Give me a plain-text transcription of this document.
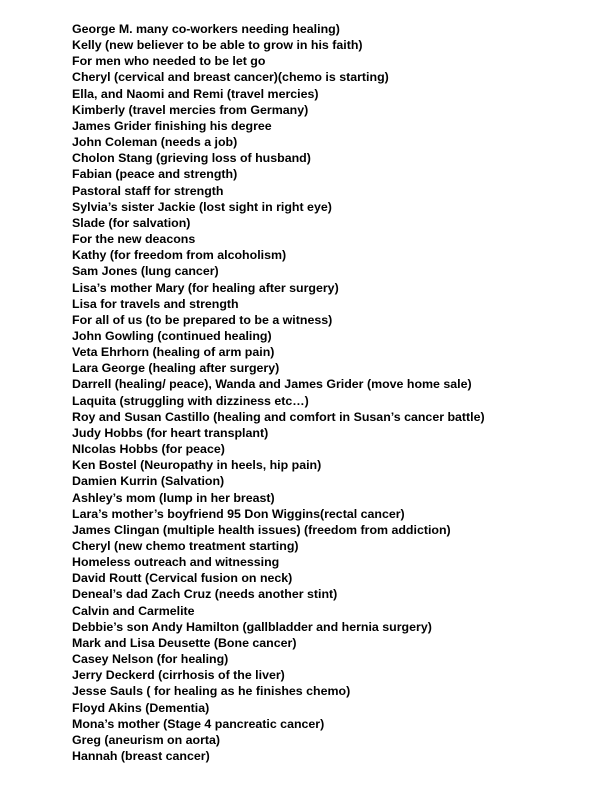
George M. many co-workers needing healing)
Kelly (new believer to be able to grow in his faith)
For men who needed to be let go
Cheryl (cervical and breast cancer)(chemo is starting)
Ella, and Naomi and Remi (travel mercies)
Kimberly (travel mercies from Germany)
James Grider finishing his degree
John Coleman (needs a job)
Cholon Stang (grieving loss of husband)
Fabian (peace and strength)
Pastoral staff for strength
Sylvia’s sister Jackie (lost sight in right eye)
Slade (for salvation)
For the new deacons
Kathy (for freedom from alcoholism)
Sam Jones (lung cancer)
Lisa’s mother Mary (for healing after surgery)
Lisa for travels and strength
For all of us (to be prepared to be a witness)
John Gowling (continued healing)
Veta Ehrhorn (healing of arm pain)
Lara George (healing after surgery)
Darrell (healing/ peace), Wanda and James Grider (move home sale)
Laquita (struggling with dizziness etc…)
Roy and Susan Castillo (healing and comfort in Susan’s cancer battle)
Judy Hobbs (for heart transplant)
NIcolas Hobbs (for peace)
Ken Bostel (Neuropathy in heels, hip pain)
Damien Kurrin (Salvation)
Ashley’s mom (lump in her breast)
Lara’s mother’s boyfriend 95 Don Wiggins(rectal cancer)
James Clingan (multiple health issues) (freedom from addiction)
Cheryl (new chemo treatment starting)
Homeless outreach and witnessing
David Routt (Cervical fusion on neck)
Deneal’s dad Zach Cruz (needs another stint)
Calvin and Carmelite
Debbie’s son Andy Hamilton (gallbladder and hernia surgery)
Mark and Lisa Deusette (Bone cancer)
Casey Nelson (for healing)
Jerry Deckerd (cirrhosis of the liver)
Jesse Sauls ( for healing as he finishes chemo)
Floyd Akins (Dementia)
Mona’s mother (Stage 4 pancreatic cancer)
Greg (aneurism on aorta)
Hannah (breast cancer)
